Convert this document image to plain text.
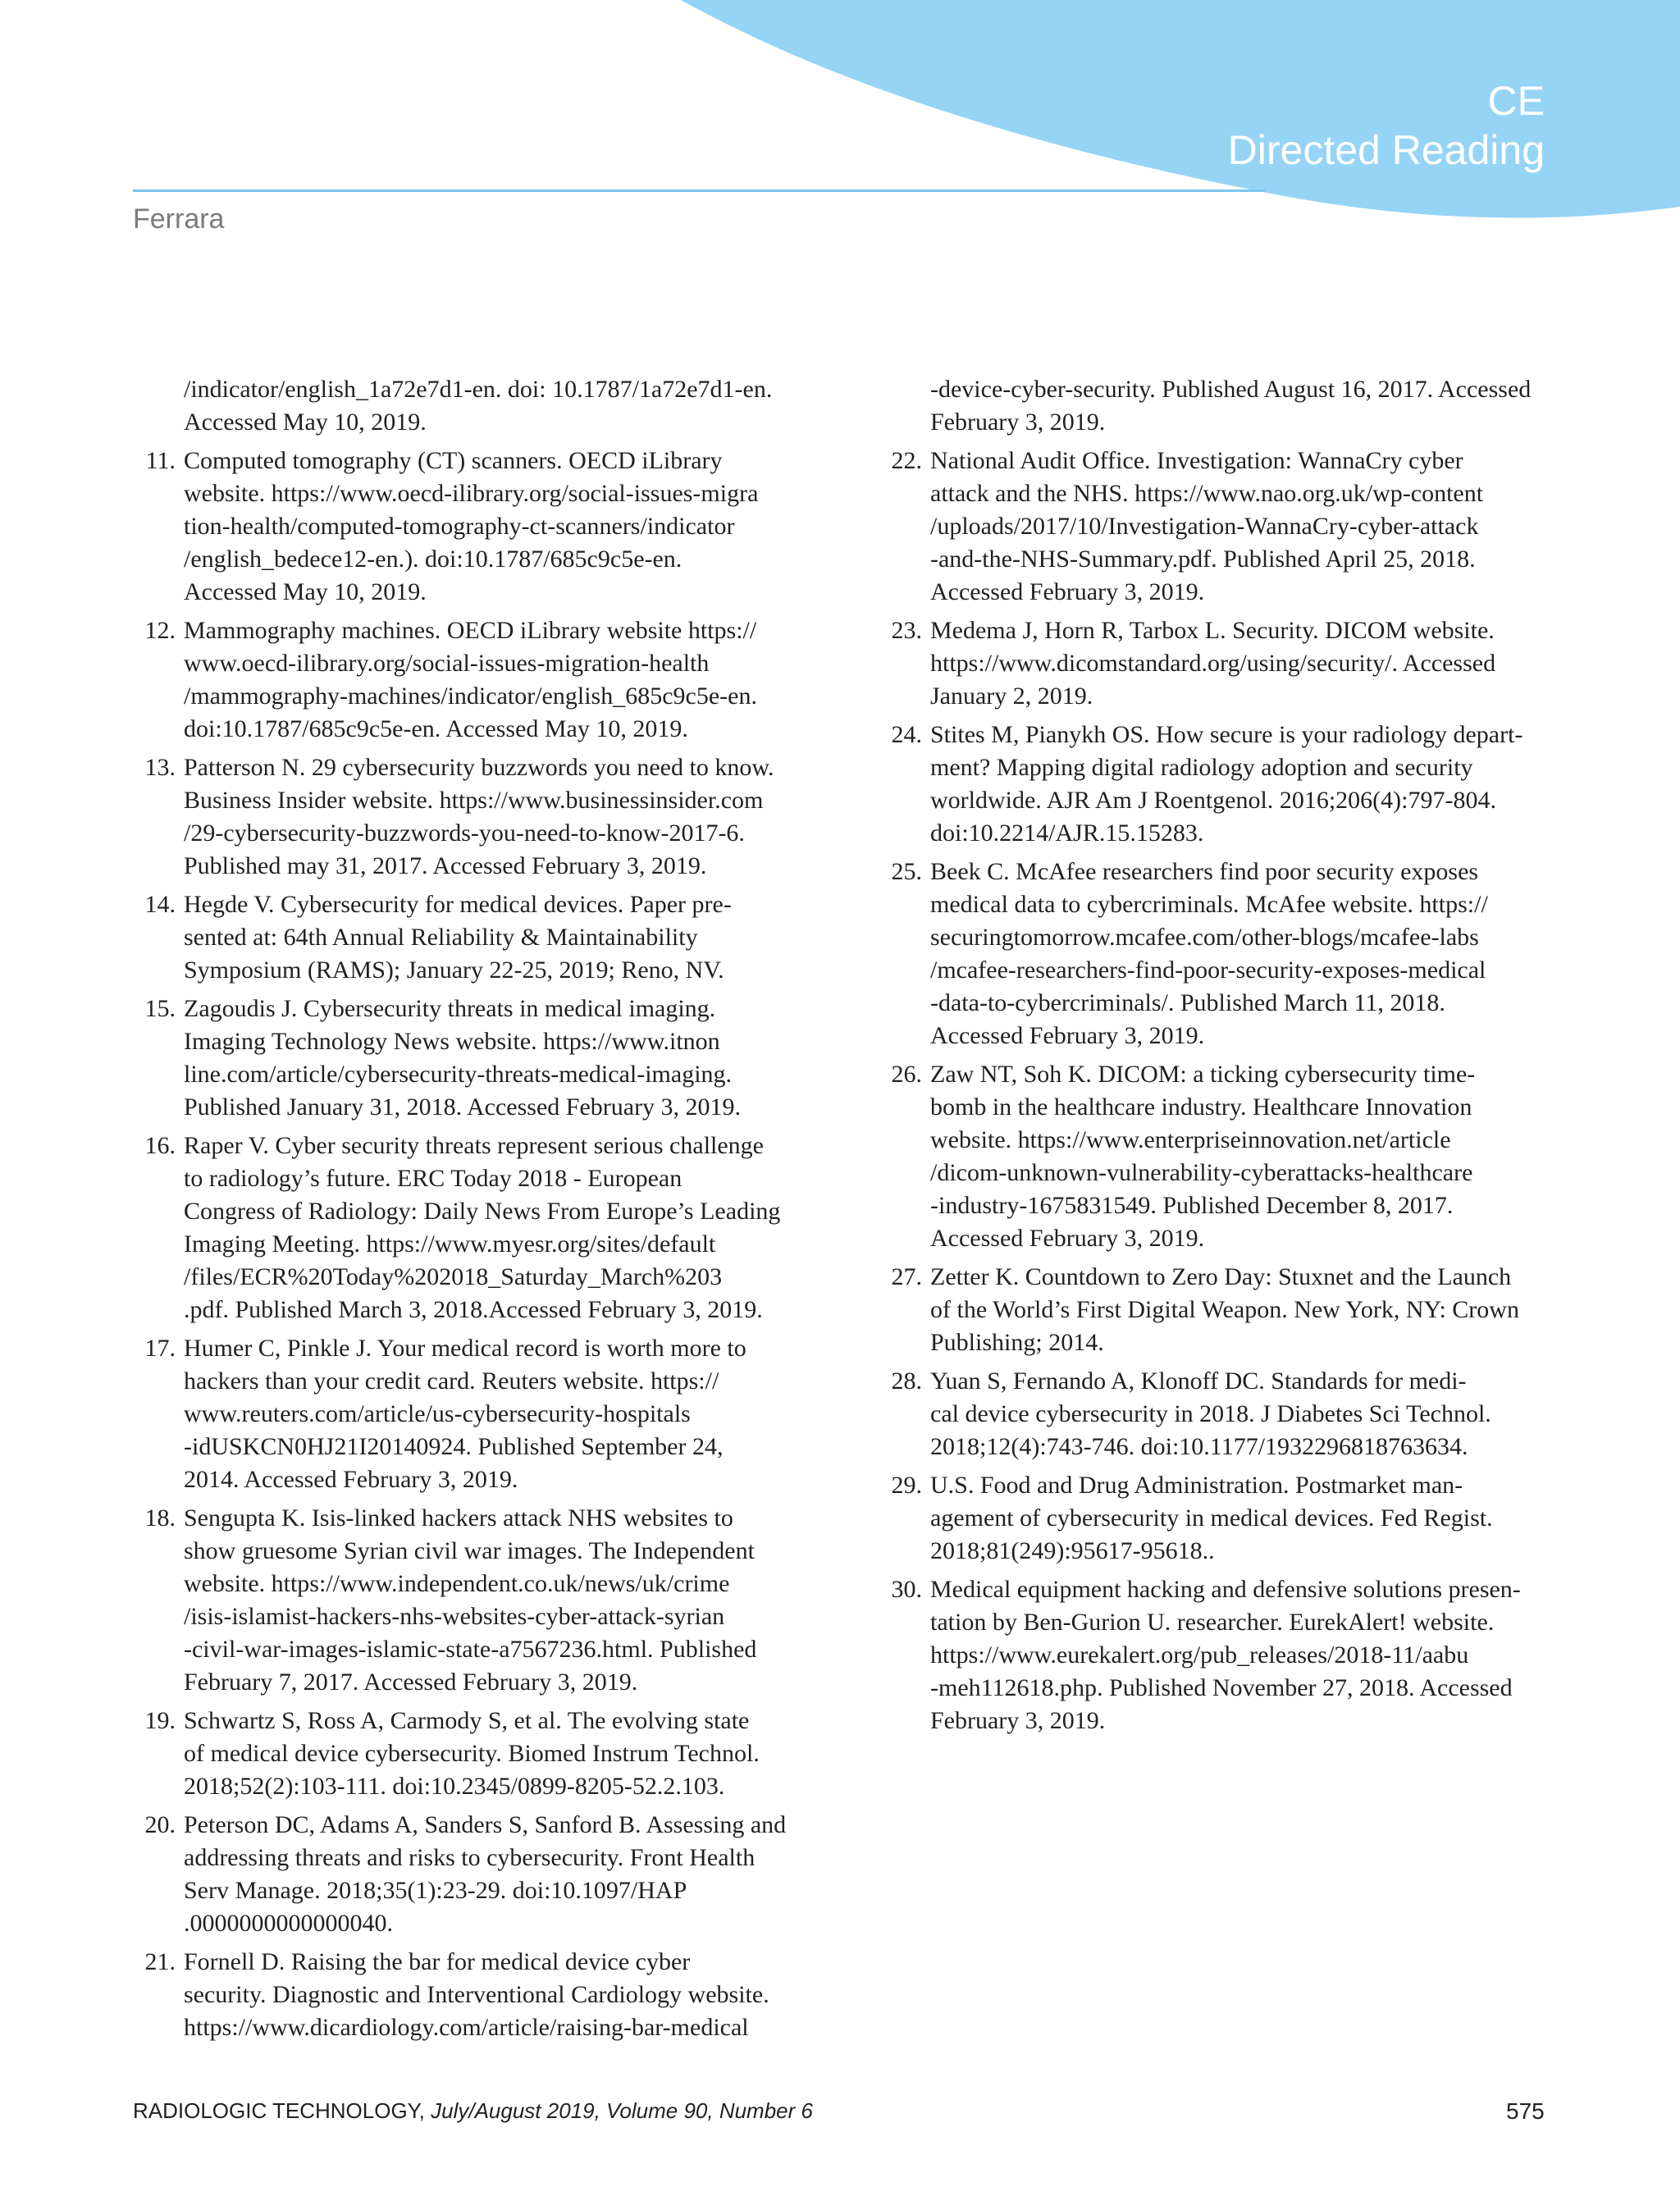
CE
Directed Reading
Ferrara
/indicator/english_1a72e7d1-en. doi: 10.1787/1a72e7d1-en.
Accessed May 10, 2019.
11. Computed tomography (CT) scanners. OECD iLibrary
website. https://www.oecd-ilibrary.org/social-issues-migra
tion-health/computed-tomography-ct-scanners/indicator
/english_bedece12-en.). doi:10.1787/685c9c5e-en.
Accessed May 10, 2019.
12. Mammography machines. OECD iLibrary website https://
www.oecd-ilibrary.org/social-issues-migration-health
/mammography-machines/indicator/english_685c9c5e-en.
doi:10.1787/685c9c5e-en. Accessed May 10, 2019.
13. Patterson N. 29 cybersecurity buzzwords you need to know.
Business Insider website. https://www.businessinsider.com
/29-cybersecurity-buzzwords-you-need-to-know-2017-6.
Published may 31, 2017. Accessed February 3, 2019.
14. Hegde V. Cybersecurity for medical devices. Paper pre-
sented at: 64th Annual Reliability & Maintainability
Symposium (RAMS); January 22-25, 2019; Reno, NV.
15. Zagoudis J. Cybersecurity threats in medical imaging.
Imaging Technology News website. https://www.itnon
line.com/article/cybersecurity-threats-medical-imaging.
Published January 31, 2018. Accessed February 3, 2019.
16. Raper V. Cyber security threats represent serious challenge
to radiology’s future. ERC Today 2018 - European
Congress of Radiology: Daily News From Europe’s Leading
Imaging Meeting. https://www.myesr.org/sites/default
/files/ECR%20Today%202018_Saturday_March%203
.pdf. Published March 3, 2018.Accessed February 3, 2019.
17. Humer C, Pinkle J. Your medical record is worth more to
hackers than your credit card. Reuters website. https://
www.reuters.com/article/us-cybersecurity-hospitals
-idUSKCN0HJ21I20140924. Published September 24,
2014. Accessed February 3, 2019.
18. Sengupta K. Isis-linked hackers attack NHS websites to
show gruesome Syrian civil war images. The Independent
website. https://www.independent.co.uk/news/uk/crime
/isis-islamist-hackers-nhs-websites-cyber-attack-syrian
-civil-war-images-islamic-state-a7567236.html. Published
February 7, 2017. Accessed February 3, 2019.
19. Schwartz S, Ross A, Carmody S, et al. The evolving state
of medical device cybersecurity. Biomed Instrum Technol.
2018;52(2):103-111. doi:10.2345/0899-8205-52.2.103.
20. Peterson DC, Adams A, Sanders S, Sanford B. Assessing and
addressing threats and risks to cybersecurity. Front Health
Serv Manage. 2018;35(1):23-29. doi:10.1097/HAP
.0000000000000040.
21. Fornell D. Raising the bar for medical device cyber
security. Diagnostic and Interventional Cardiology website.
https://www.dicardiology.com/article/raising-bar-medical
-device-cyber-security. Published August 16, 2017. Accessed
February 3, 2019.
22. National Audit Office. Investigation: WannaCry cyber
attack and the NHS. https://www.nao.org.uk/wp-content
/uploads/2017/10/Investigation-WannaCry-cyber-attack
-and-the-NHS-Summary.pdf. Published April 25, 2018.
Accessed February 3, 2019.
23. Medema J, Horn R, Tarbox L. Security. DICOM website.
https://www.dicomstandard.org/using/security/. Accessed
January 2, 2019.
24. Stites M, Pianykh OS. How secure is your radiology depart-
ment? Mapping digital radiology adoption and security
worldwide. AJR Am J Roentgenol. 2016;206(4):797-804.
doi:10.2214/AJR.15.15283.
25. Beek C. McAfee researchers find poor security exposes
medical data to cybercriminals. McAfee website. https://
securingtomorrow.mcafee.com/other-blogs/mcafee-labs
/mcafee-researchers-find-poor-security-exposes-medical
-data-to-cybercriminals/. Published March 11, 2018.
Accessed February 3, 2019.
26. Zaw NT, Soh K. DICOM: a ticking cybersecurity time-
bomb in the healthcare industry. Healthcare Innovation
website. https://www.enterpriseinnovation.net/article
/dicom-unknown-vulnerability-cyberattacks-healthcare
-industry-1675831549. Published December 8, 2017.
Accessed February 3, 2019.
27. Zetter K. Countdown to Zero Day: Stuxnet and the Launch
of the World’s First Digital Weapon. New York, NY: Crown
Publishing; 2014.
28. Yuan S, Fernando A, Klonoff DC. Standards for medi-
cal device cybersecurity in 2018. J Diabetes Sci Technol.
2018;12(4):743-746. doi:10.1177/1932296818763634.
29. U.S. Food and Drug Administration. Postmarket man-
agement of cybersecurity in medical devices. Fed Regist.
2018;81(249):95617-95618..
30. Medical equipment hacking and defensive solutions presen-
tation by Ben-Gurion U. researcher. EurekAlert! website.
https://www.eurekalert.org/pub_releases/2018-11/aabu
-meh112618.php. Published November 27, 2018. Accessed
February 3, 2019.
RADIOLOGIC TECHNOLOGY, July/August 2019, Volume 90, Number 6	575
